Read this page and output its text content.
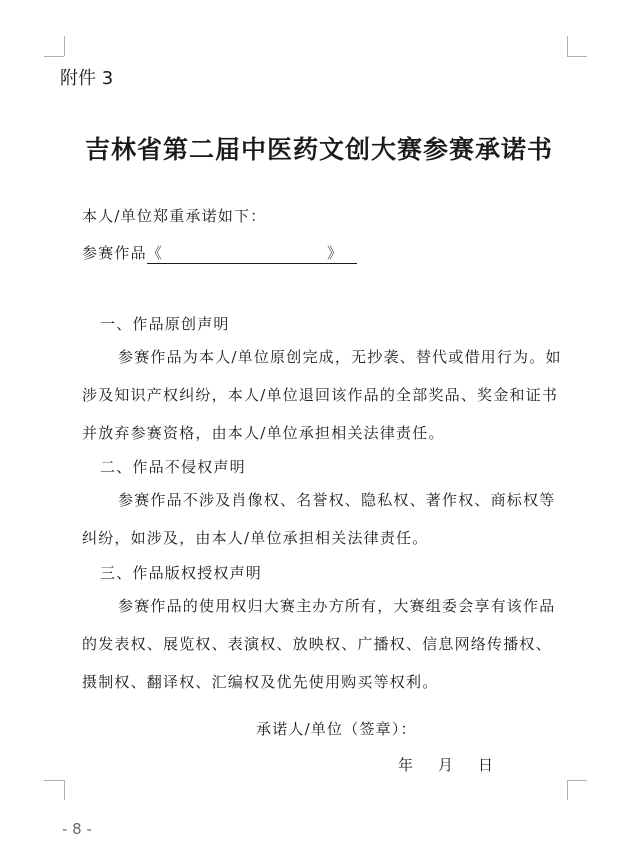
附件 3
吉林省第二届中医药文创大赛参赛承诺书
本人/单位郑重承诺如下：
参赛作品《	》
一、作品原创声明
参赛作品为本人/单位原创完成，无抄袭、替代或借用行为。如涉及知识产权纠纷，本人/单位退回该作品的全部奖品、奖金和证书并放弃参赛资格，由本人/单位承担相关法律责任。
二、作品不侵权声明
参赛作品不涉及肖像权、名誉权、隐私权、著作权、商标权等纠纷，如涉及，由本人/单位承担相关法律责任。
三、作品版权授权声明
参赛作品的使用权归大赛主办方所有，大赛组委会享有该作品的发表权、展览权、表演权、放映权、广播权、信息网络传播权、摄制权、翻译权、汇编权及优先使用购买等权利。
承诺人/单位（签章）：
年 月 日
- 8 -
